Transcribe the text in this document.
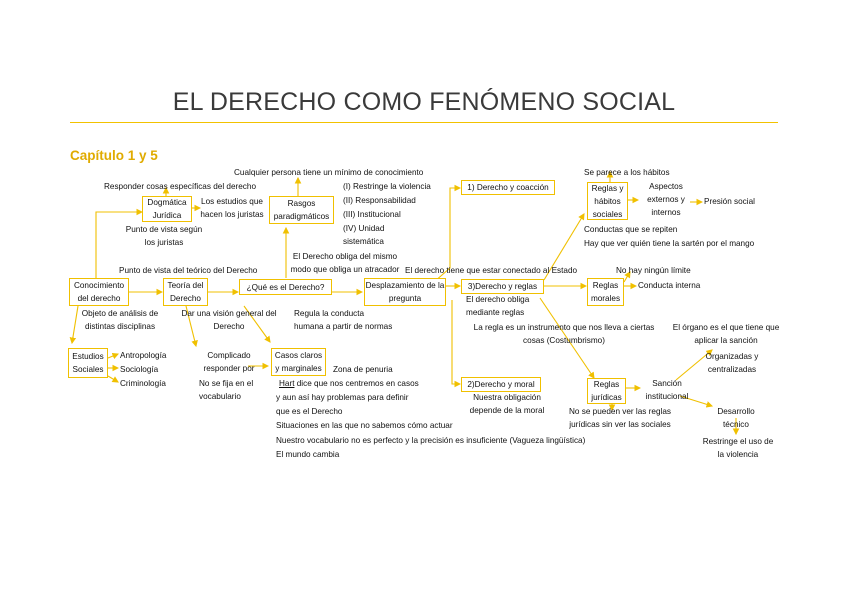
EL DERECHO COMO FENÓMENO SOCIAL
Capítulo 1 y 5
Conocimiento del derecho
Dogmática Jurídica
Teoría del Derecho
¿Qué es el Derecho?
Rasgos paradigmáticos
Desplazamiento de la pregunta
1) Derecho y coacción
3)Derecho y reglas
2)Derecho y moral
Reglas y hábitos sociales
Reglas morales
Reglas jurídicas
Estudios Sociales
Casos claros y marginales
Responder cosas específicas del derecho
Los estudios que hacen los juristas
Punto de vista según los juristas
Punto de vista del teórico del Derecho
Objeto de análisis de distintas disciplinas
Dar una visión general del Derecho
Antropología
Sociología
Criminología
Complicado responder por
No se fija en el vocabulario
Cualquier persona tiene un mínimo de conocimiento
(I) Restringe la violencia
(II) Responsabilidad
(III) Institucional
(IV) Unidad sistemática
El Derecho obliga del mismo modo que obliga un atracador
Regula la conducta humana a partir de normas
Zona de penuria
Hart dice que nos centremos en casos
y aun así hay problemas para definir
que es el Derecho
Situaciones en las que no sabemos cómo actuar
Nuestro vocabulario no es perfecto y la precisión es insuficiente (Vagueza lingüística)
El mundo cambia
El derecho tiene que estar conectado al Estado
El derecho obliga mediante reglas
La regla es un instrumento que nos lleva a ciertas cosas (Costumbrismo)
Nuestra obligación depende de la moral
Se parece a los hábitos
Aspectos externos y internos
Presión social
Conductas que se repiten
Hay que ver quién tiene la sartén por el mango
No hay ningún límite
Conducta interna
El órgano es el que tiene que aplicar la sanción
Organizadas y centralizadas
Sanción institucional
No se pueden ver las reglas jurídicas sin ver las sociales
Desarrollo técnico
Restringe el uso de la violencia
